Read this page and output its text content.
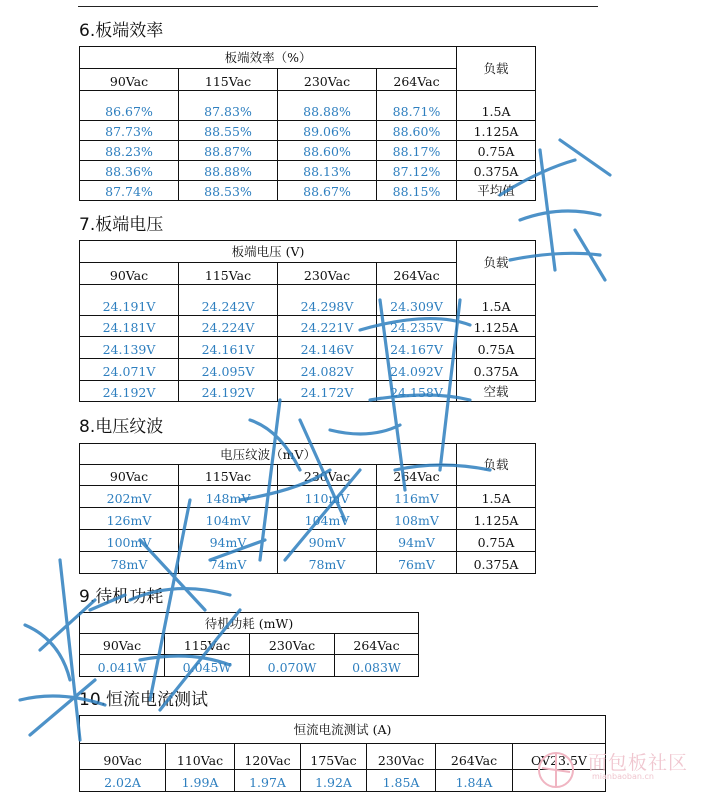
6.板端效率
板端效率（%）				负载
90Vac	115Vac	230Vac	264Vac	
86.67%	87.83%	88.88%	88.71%	1.5A
87.73%	88.55%	89.06%	88.60%	1.125A
88.23%	88.87%	88.60%	88.17%	0.75A
88.36%	88.88%	88.13%	87.12%	0.375A
87.74%	88.53%	88.67%	88.15%	平均值
7.板端电压
板端电压 (V)				负载
90Vac	115Vac	230Vac	264Vac	
24.191V	24.242V	24.298V	24.309V	1.5A
24.181V	24.224V	24.221V	24.235V	1.125A
24.139V	24.161V	24.146V	24.167V	0.75A
24.071V	24.095V	24.082V	24.092V	0.375A
24.192V	24.192V	24.172V	24.158V	空载
8.电压纹波
电压纹波（mV）				负载
90Vac	115Vac	230Vac	264Vac	
202mV	148mV	110mV	116mV	1.5A
126mV	104mV	104mV	108mV	1.125A
100mV	94mV	90mV	94mV	0.75A
78mV	74mV	78mV	76mV	0.375A
9.待机功耗
待机功耗 (mW)			
90Vac	115Vac	230Vac	264Vac
0.041W	0.045W	0.070W	0.083W
10.恒流电流测试
恒流电流测试 (A)						
90Vac	110Vac	120Vac	175Vac	230Vac	264Vac	OV23.5V
2.02A	1.99A	1.97A	1.92A	1.85A	1.84A	
面包板社区
mianbaoban.cn
